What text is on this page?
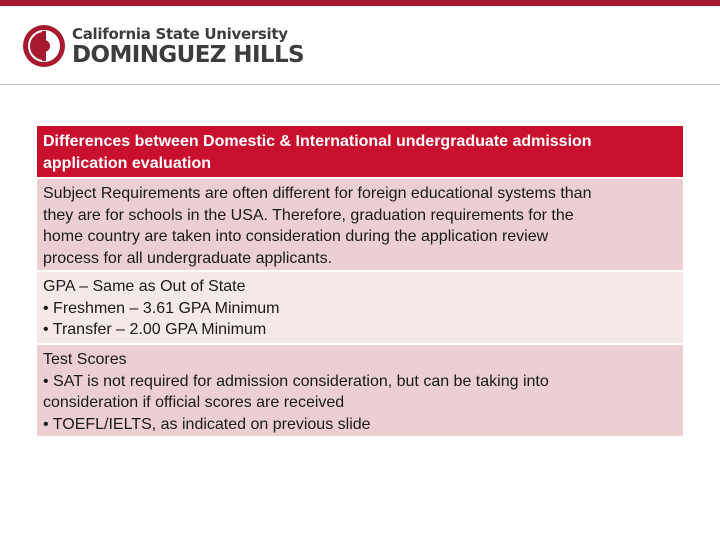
California State University
DOMINGUEZ HILLS
Differences between Domestic & International undergraduate admission
application evaluation
Subject Requirements are often different for foreign educational systems than
they are for schools in the USA. Therefore, graduation requirements for the
home country are taken into consideration during the application review
process for all undergraduate applicants.
GPA – Same as Out of State
• Freshmen – 3.61 GPA Minimum
• Transfer – 2.00 GPA Minimum
Test Scores
• SAT is not required for admission consideration, but can be taking into
consideration if official scores are received
• TOEFL/IELTS, as indicated on previous slide
